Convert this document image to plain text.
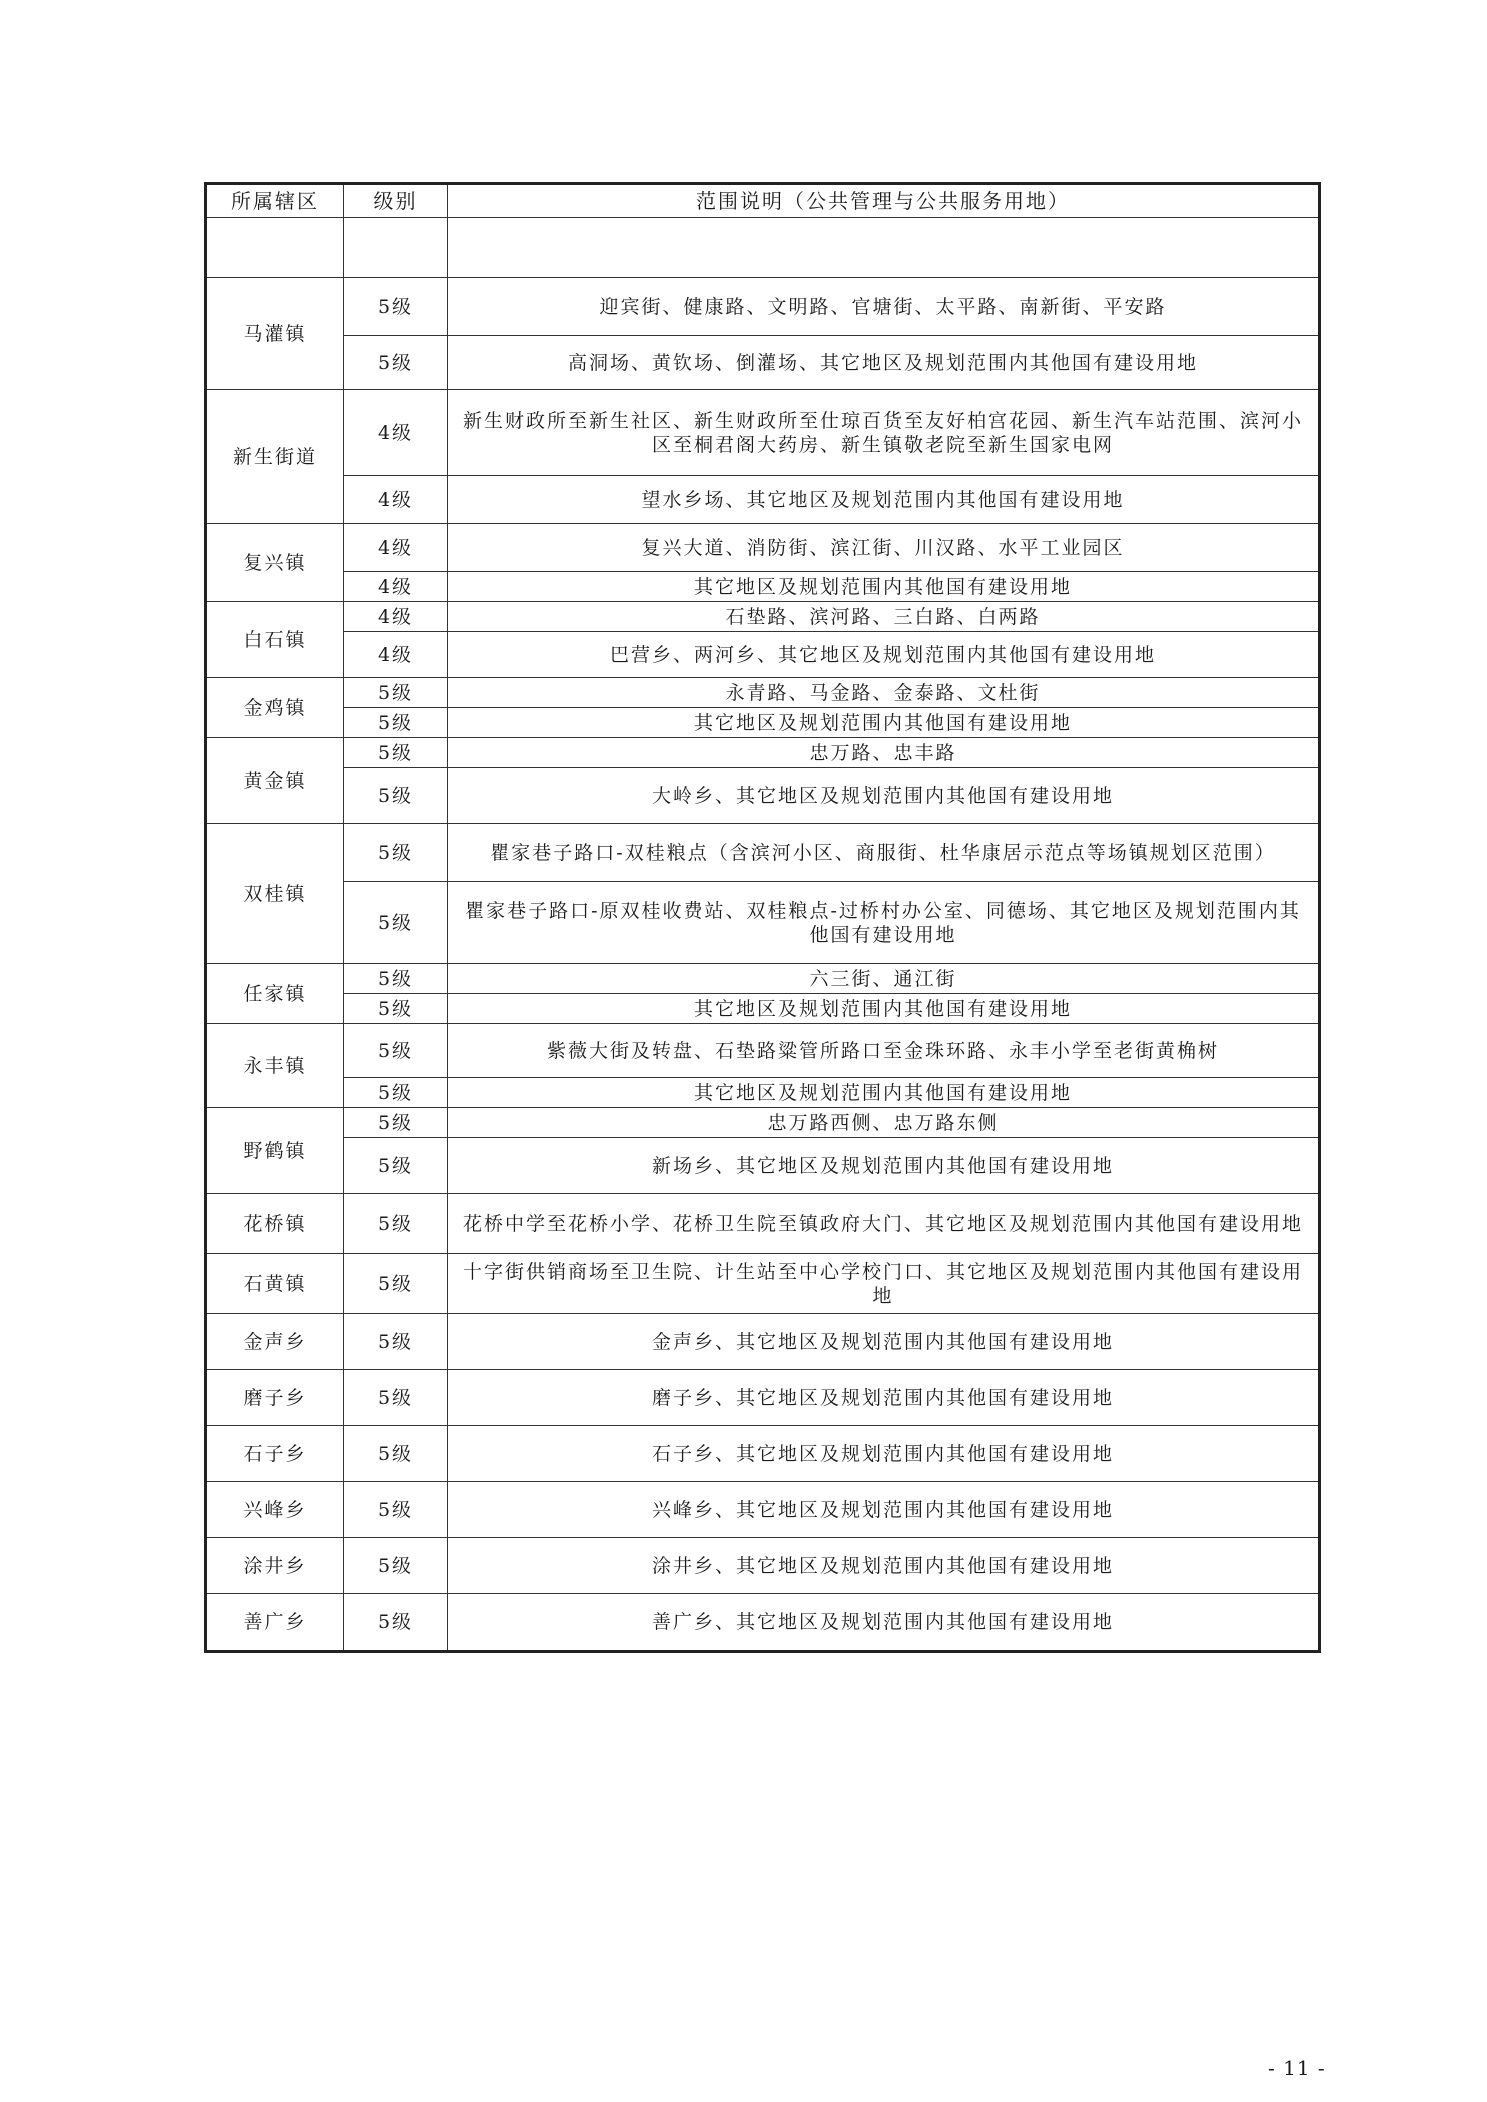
所属辖区	级别	范围说明（公共管理与公共服务用地）

马灌镇	5级	迎宾街、健康路、文明路、官塘街、太平路、南新街、平安路
	5级	高洞场、黄钦场、倒灌场、其它地区及规划范围内其他国有建设用地
新生街道	4级	新生财政所至新生社区、新生财政所至仕琼百货至友好柏宫花园、新生汽车站范围、滨河小区至桐君阁大药房、新生镇敬老院至新生国家电网
	4级	望水乡场、其它地区及规划范围内其他国有建设用地
复兴镇	4级	复兴大道、消防街、滨江街、川汉路、水平工业园区
	4级	其它地区及规划范围内其他国有建设用地
白石镇	4级	石垫路、滨河路、三白路、白两路
	4级	巴营乡、两河乡、其它地区及规划范围内其他国有建设用地
金鸡镇	5级	永青路、马金路、金泰路、文杜街
	5级	其它地区及规划范围内其他国有建设用地
黄金镇	5级	忠万路、忠丰路
	5级	大岭乡、其它地区及规划范围内其他国有建设用地
双桂镇	5级	瞿家巷子路口-双桂粮点（含滨河小区、商服街、杜华康居示范点等场镇规划区范围）
	5级	瞿家巷子路口-原双桂收费站、双桂粮点-过桥村办公室、同德场、其它地区及规划范围内其他国有建设用地
任家镇	5级	六三街、通江街
	5级	其它地区及规划范围内其他国有建设用地
永丰镇	5级	紫薇大街及转盘、石垫路粱管所路口至金珠环路、永丰小学至老街黄桷树
	5级	其它地区及规划范围内其他国有建设用地
野鹤镇	5级	忠万路西侧、忠万路东侧
	5级	新场乡、其它地区及规划范围内其他国有建设用地
花桥镇	5级	花桥中学至花桥小学、花桥卫生院至镇政府大门、其它地区及规划范围内其他国有建设用地
石黄镇	5级	十字街供销商场至卫生院、计生站至中心学校门口、其它地区及规划范围内其他国有建设用地
金声乡	5级	金声乡、其它地区及规划范围内其他国有建设用地
磨子乡	5级	磨子乡、其它地区及规划范围内其他国有建设用地
石子乡	5级	石子乡、其它地区及规划范围内其他国有建设用地
兴峰乡	5级	兴峰乡、其它地区及规划范围内其他国有建设用地
涂井乡	5级	涂井乡、其它地区及规划范围内其他国有建设用地
善广乡	5级	善广乡、其它地区及规划范围内其他国有建设用地
- 11 -
